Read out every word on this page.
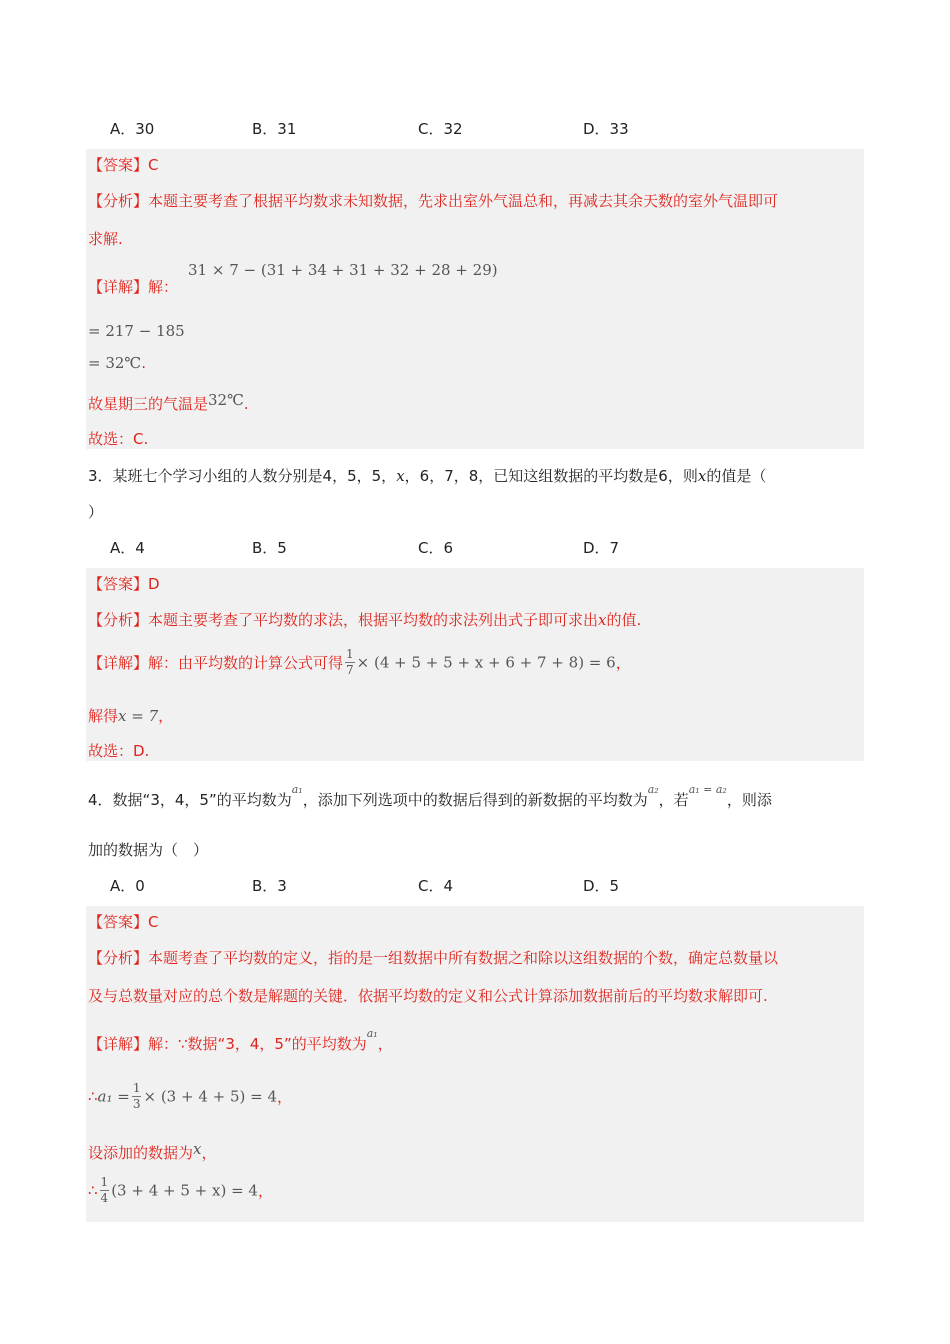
A．30	B．31	C．32	D．33
【答案】C
【分析】本题主要考查了根据平均数求未知数据，先求出室外气温总和，再减去其余天数的室外气温即可
求解.
【详解】解：
31 × 7 − (31 + 34 + 31 + 32 + 28 + 29)
= 217 − 185
= 32℃.
故星期三的气温是32℃.
故选：C.
3．某班七个学习小组的人数分别是4，5，5，x，6，7，8，已知这组数据的平均数是6，则x的值是（
）
A．4	B．5	C．6	D．7
【答案】D
【分析】本题主要考查了平均数的求法，根据平均数的求法列出式子即可求出x的值.
【详解】解：由平均数的计算公式可得 $\frac{1}{7} \times (4 + 5 + 5 + x + 6 + 7 + 8) = 6$，
解得x = 7，
故选：D.
4．数据“3，4，5”的平均数为$^{a_1}$，添加下列选项中的数据后得到的新数据的平均数为$^{a_2}$，若$^{a_1 = a_2}$，则添
加的数据为（　）
A．0	B．3	C．4	D．5
【答案】C
【分析】本题考查了平均数的定义，指的是一组数据中所有数据之和除以这组数据的个数，确定总数量以
及与总数量对应的总个数是解题的关键．依据平均数的定义和公式计算添加数据前后的平均数求解即可.
【详解】解：∵数据“3，4，5”的平均数为$^{a_1}$，
∴a₁ = $\frac{1}{3} \times (3 + 4 + 5) = 4$，
设添加的数据为x，
∴ $\frac{1}{4} (3 + 4 + 5 + x) = 4$，
